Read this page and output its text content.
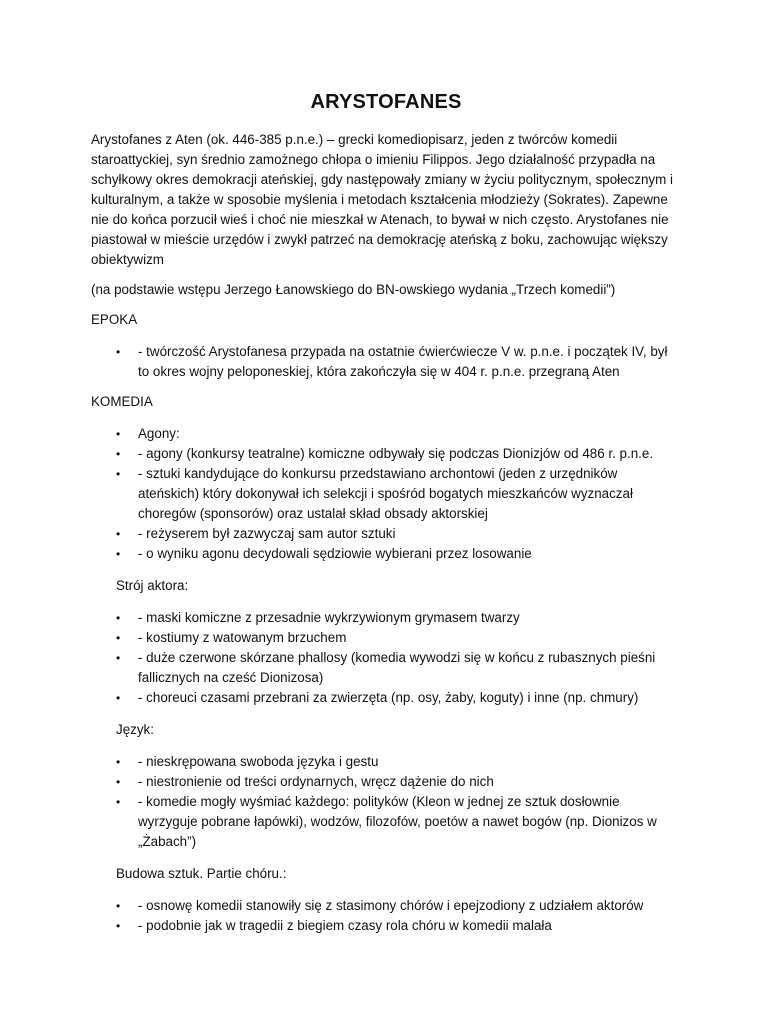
ARYSTOFANES

Arystofanes z Aten (ok. 446-385 p.n.e.) – grecki komediopisarz, jeden z twórców komedii staroattyckiej, syn średnio zamożnego chłopa o imieniu Filippos. Jego działalność przypadła na schyłkowy okres demokracji ateńskiej, gdy następowały zmiany w życiu politycznym, społecznym i kulturalnym, a także w sposobie myślenia i metodach kształcenia młodzieży (Sokrates). Zapewne nie do końca porzucił wieś i choć nie mieszkał w Atenach, to bywał w nich często. Arystofanes nie piastował w mieście urzędów i zwykł patrzeć na demokrację ateńską z boku, zachowując większy obiektywizm

(na podstawie wstępu Jerzego Łanowskiego do BN-owskiego wydania „Trzech komedii”)

EPOKA

•	- twórczość Arystofanesa przypada na ostatnie ćwierćwiecze V w. p.n.e. i początek IV, był to okres wojny peloponeskiej, która zakończyła się w 404 r. p.n.e. przegraną Aten

KOMEDIA

•	Agony:
•	- agony (konkursy teatralne) komiczne odbywały się podczas Dionizjów od 486 r. p.n.e.
•	- sztuki kandydujące do konkursu przedstawiano archontowi (jeden z urzędników ateńskich) który dokonywał ich selekcji i spośród bogatych mieszkańców wyznaczał choregów (sponsorów) oraz ustalał skład obsady aktorskiej
•	- reżyserem był zazwyczaj sam autor sztuki
•	- o wyniku agonu decydowali sędziowie wybierani przez losowanie

Strój aktora:

•	- maski komiczne z przesadnie wykrzywionym grymasem twarzy
•	- kostiumy z watowanym brzuchem
•	- duże czerwone skórzane phallosy (komedia wywodzi się w końcu z rubasznych pieśni fallicznych na cześć Dionizosa)
•	- choreuci czasami przebrani za zwierzęta (np. osy, żaby, koguty) i inne (np. chmury)

Język:

•	- nieskrępowana swoboda języka i gestu
•	- niestronienie od treści ordynarnych, wręcz dążenie do nich
•	- komedie mogły wyśmiać każdego: polityków (Kleon w jednej ze sztuk dosłownie wyrzyguje pobrane łapówki), wodzów, filozofów, poetów a nawet bogów (np. Dionizos w „Żabach”)

Budowa sztuk. Partie chóru.:

•	- osnowę komedii stanowiły się z stasimony chórów i epejzodiony z udziałem aktorów
•	- podobnie jak w tragedii z biegiem czasy rola chóru w komedii malała
